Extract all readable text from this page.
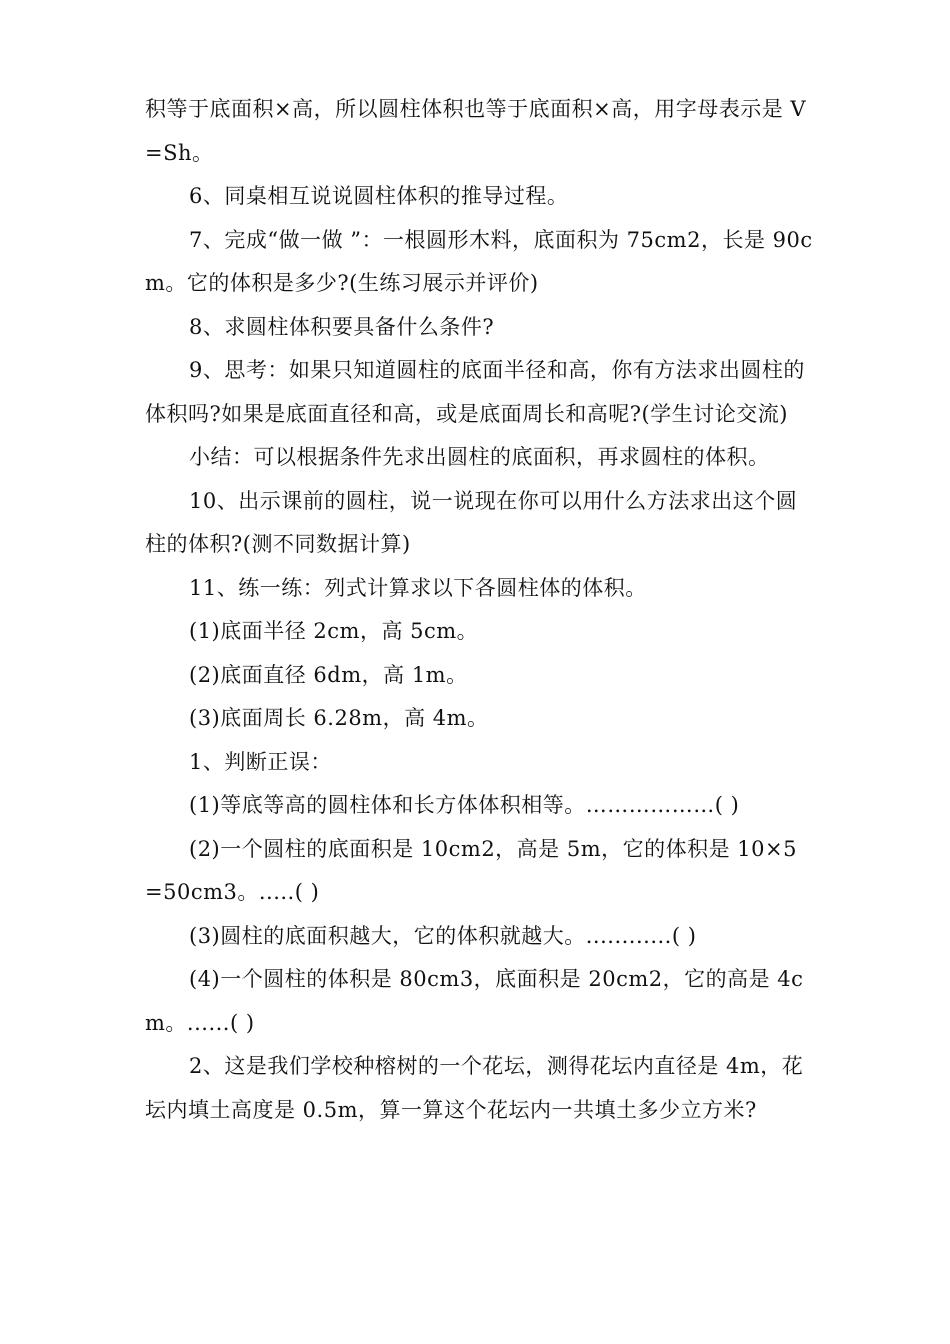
积等于底面积×高，所以圆柱体积也等于底面积×高，用字母表示是 V=Sh。

6、同桌相互说说圆柱体积的推导过程。

7、完成“做一做 ”：一根圆形木料，底面积为 75cm2，长是 90cm。它的体积是多少?(生练习展示并评价)

8、求圆柱体积要具备什么条件?

9、思考：如果只知道圆柱的底面半径和高，你有方法求出圆柱的体积吗?如果是底面直径和高，或是底面周长和高呢?(学生讨论交流)

小结：可以根据条件先求出圆柱的底面积，再求圆柱的体积。

10、出示课前的圆柱，说一说现在你可以用什么方法求出这个圆柱的体积?(测不同数据计算)

11、练一练：列式计算求以下各圆柱体的体积。

(1)底面半径 2cm，高 5cm。

(2)底面直径 6dm，高 1m。

(3)底面周长 6.28m，高 4m。

1、判断正误：

(1)等底等高的圆柱体和长方体体积相等。………………( )

(2)一个圆柱的底面积是 10cm2，高是 5m，它的体积是 10×5=50cm3。.....( )

(3)圆柱的底面积越大，它的体积就越大。............( )

(4)一个圆柱的体积是 80cm3，底面积是 20cm2，它的高是 4cm。......( )

2、这是我们学校种榕树的一个花坛，测得花坛内直径是 4m，花坛内填土高度是 0.5m，算一算这个花坛内一共填土多少立方米?
